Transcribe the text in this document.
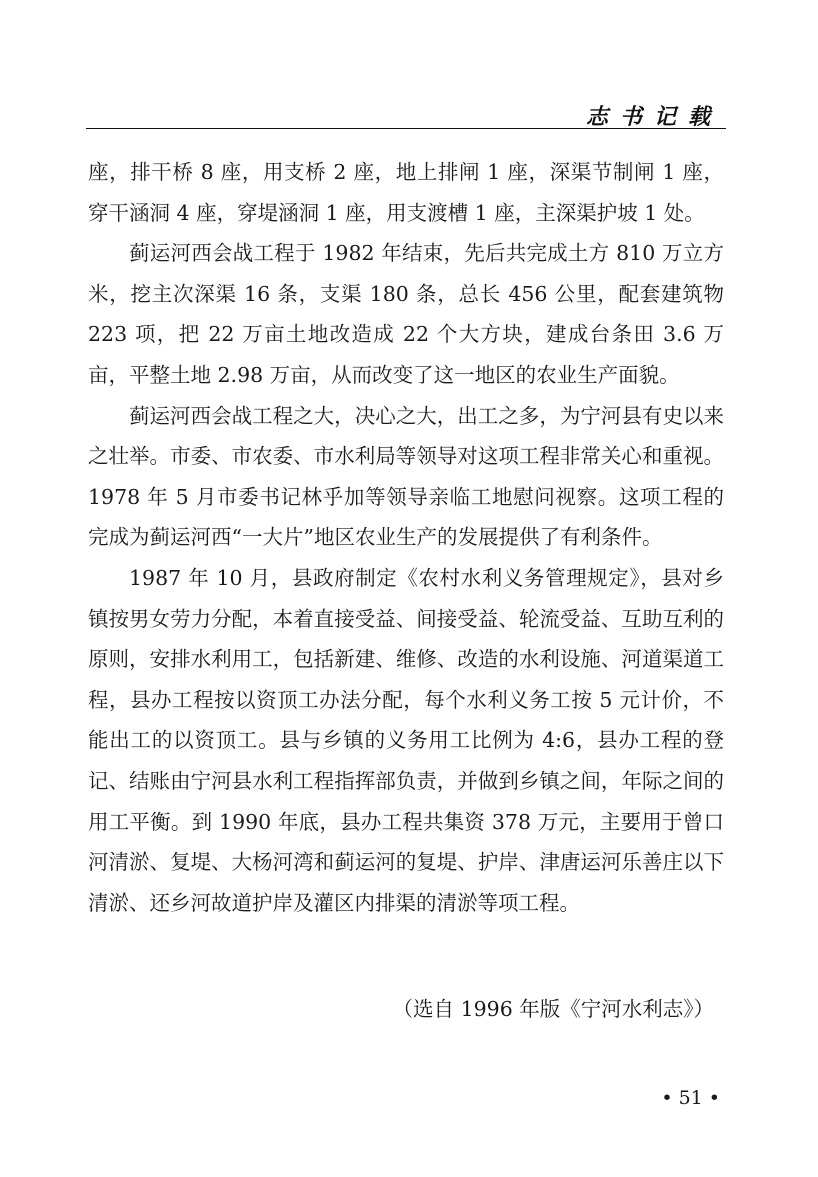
志书记载

座，排干桥 8 座，用支桥 2 座，地上排闸 1 座，深渠节制闸 1 座，穿干涵洞 4 座，穿堤涵洞 1 座，用支渡槽 1 座，主深渠护坡 1 处。

蓟运河西会战工程于 1982 年结束，先后共完成土方 810 万立方米，挖主次深渠 16 条，支渠 180 条，总长 456 公里，配套建筑物 223 项，把 22 万亩土地改造成 22 个大方块，建成台条田 3.6 万亩，平整土地 2.98 万亩，从而改变了这一地区的农业生产面貌。

蓟运河西会战工程之大，决心之大，出工之多，为宁河县有史以来之壮举。市委、市农委、市水利局等领导对这项工程非常关心和重视。1978 年 5 月市委书记林乎加等领导亲临工地慰问视察。这项工程的完成为蓟运河西“一大片”地区农业生产的发展提供了有利条件。

1987 年 10 月，县政府制定《农村水利义务管理规定》，县对乡镇按男女劳力分配，本着直接受益、间接受益、轮流受益、互助互利的原则，安排水利用工，包括新建、维修、改造的水利设施、河道渠道工程，县办工程按以资顶工办法分配，每个水利义务工按 5 元计价，不能出工的以资顶工。县与乡镇的义务用工比例为 4:6，县办工程的登记、结账由宁河县水利工程指挥部负责，并做到乡镇之间，年际之间的用工平衡。到 1990 年底，县办工程共集资 378 万元，主要用于曾口河清淤、复堤、大杨河湾和蓟运河的复堤、护岸、津唐运河乐善庄以下清淤、还乡河故道护岸及灌区内排渠的清淤等项工程。

（选自 1996 年版《宁河水利志》）
• 51 •
